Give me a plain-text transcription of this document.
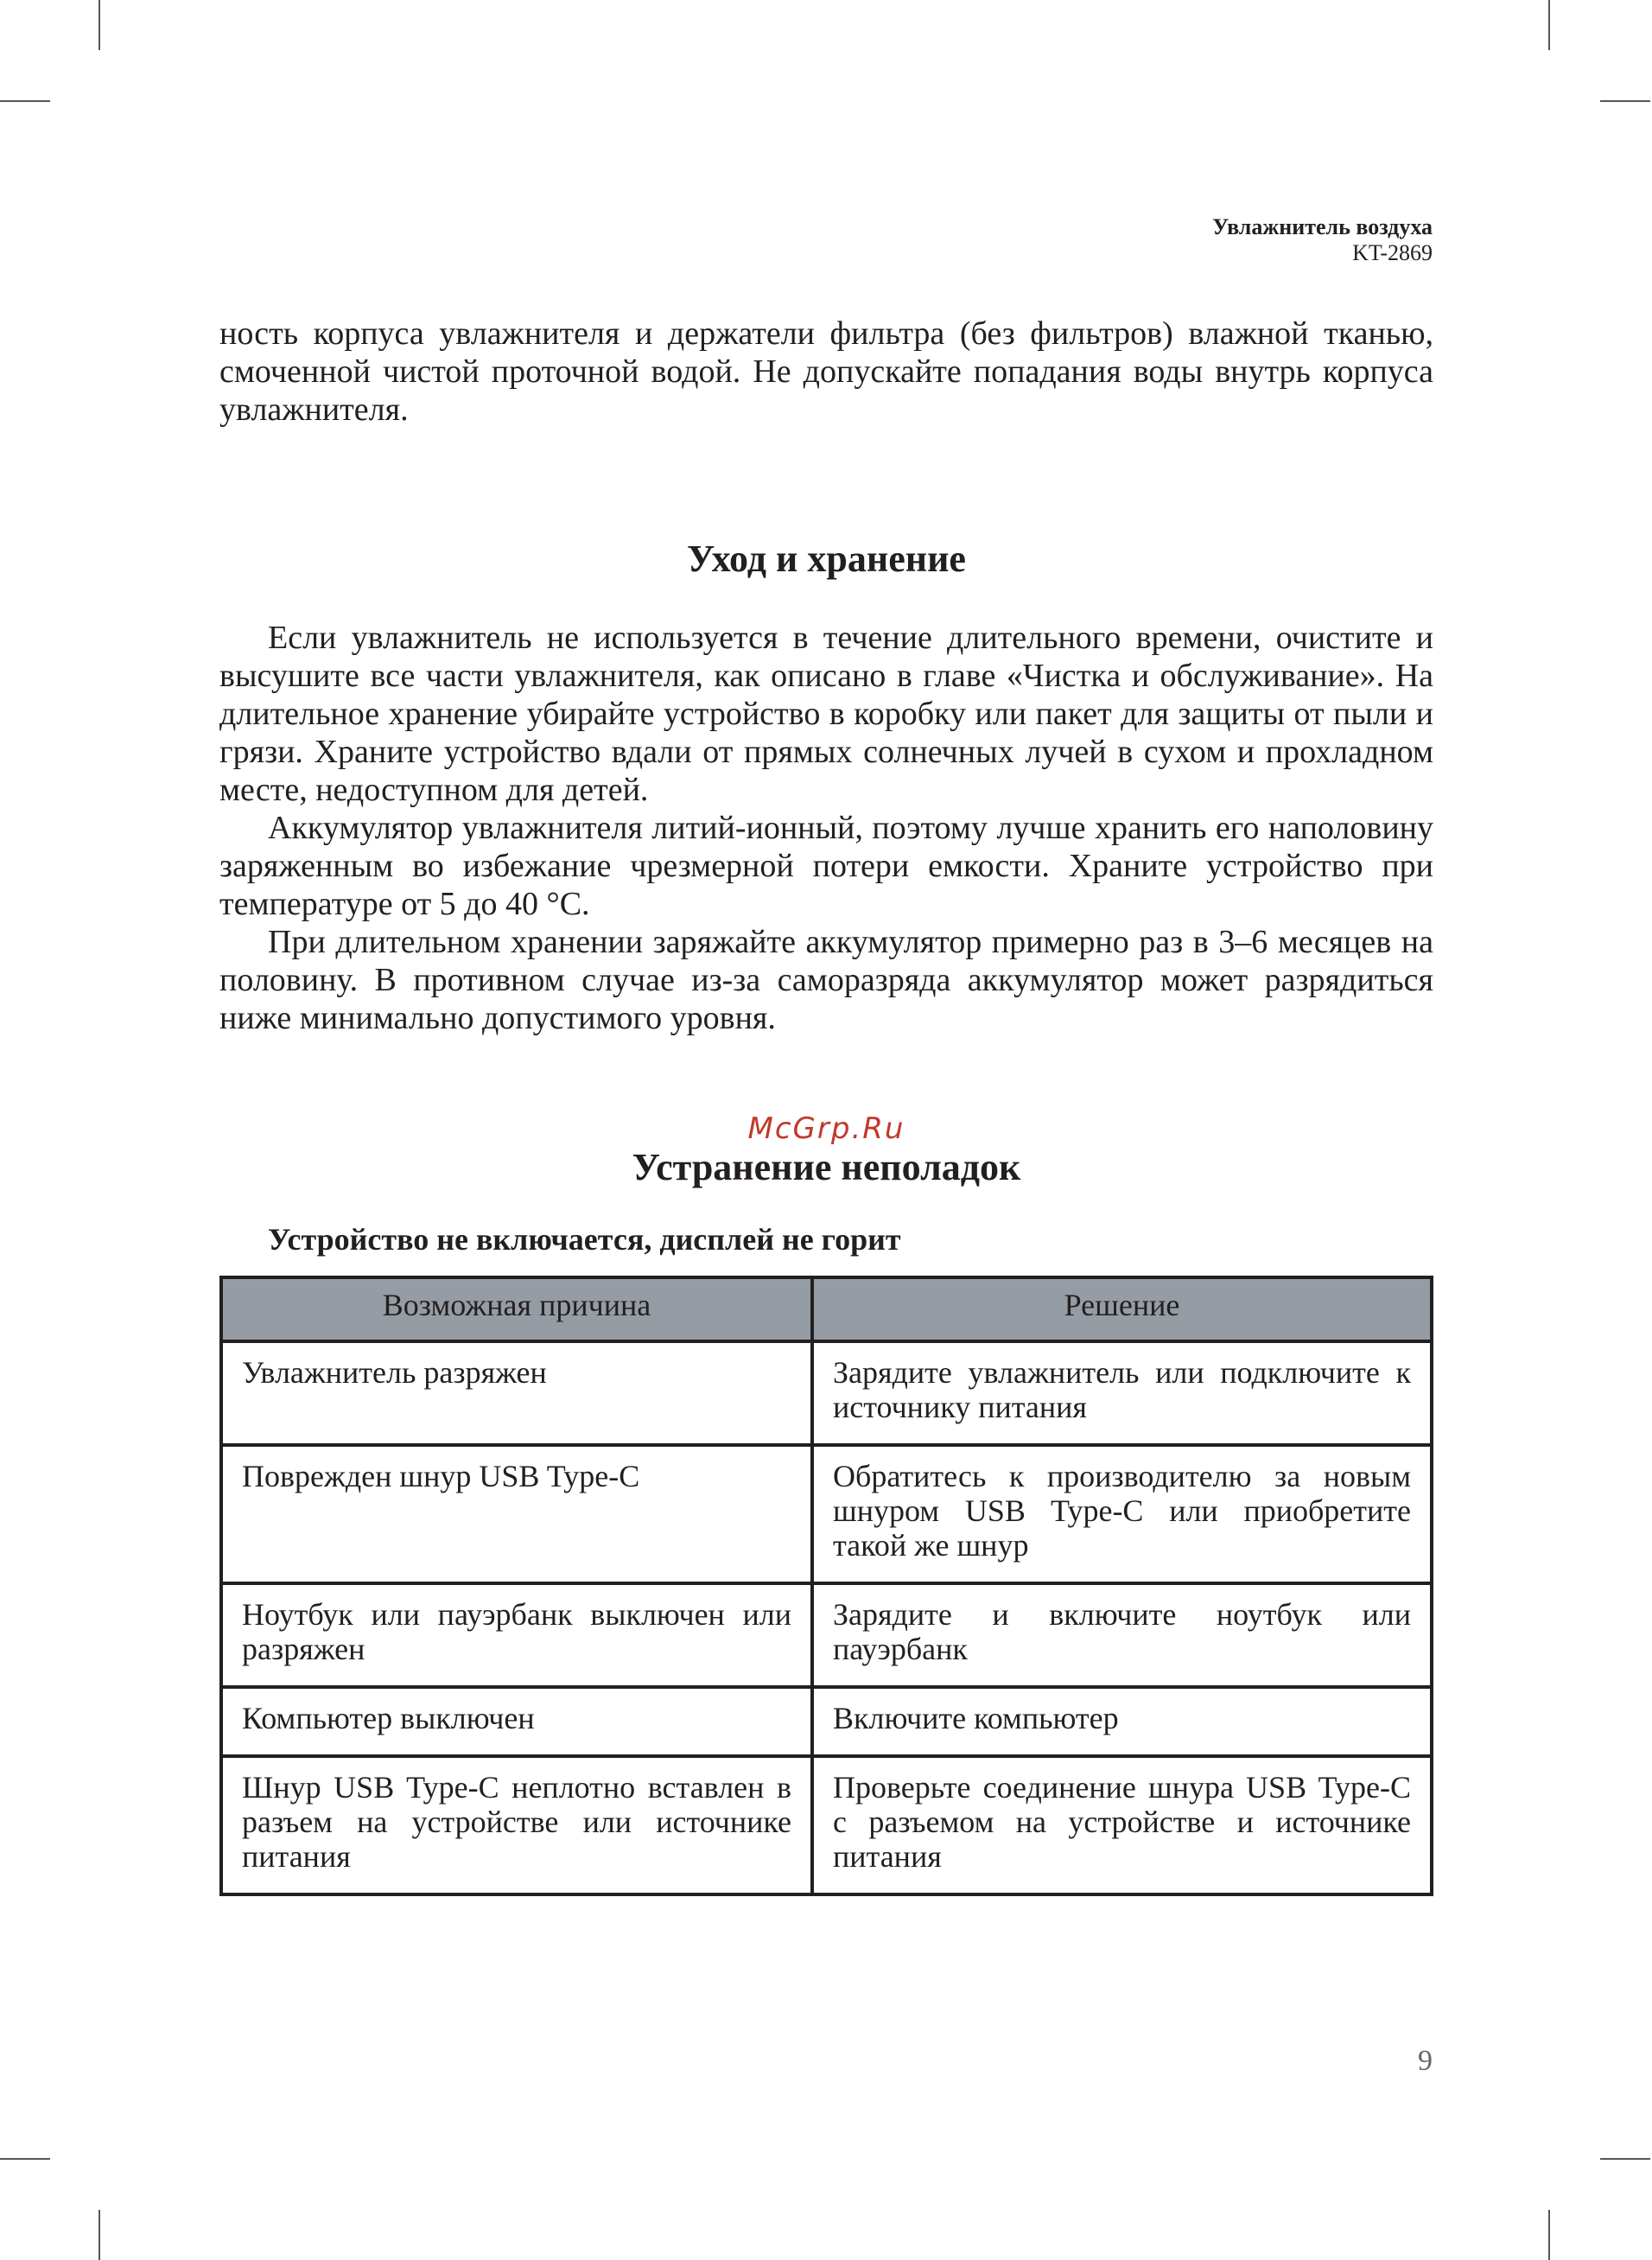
Увлажнитель воздуха
KT-2869

ность корпуса увлажнителя и держатели фильтра (без фильтров) влажной тканью, смоченной чистой проточной водой. Не допускайте попадания воды внутрь корпуса увлажнителя.

Уход и хранение

Если увлажнитель не используется в течение длительного времени, очистите и высушите все части увлажнителя, как описано в главе «Чистка и обслуживание». На длительное хранение убирайте устройство в коробку или пакет для защиты от пыли и грязи. Храните устройство вдали от прямых солнечных лучей в сухом и прохладном месте, недоступном для детей.

Аккумулятор увлажнителя литий-ионный, поэтому лучше хранить его наполовину заряженным во избежание чрезмерной потери емкости. Храните устройство при температуре от 5 до 40 °С.

При длительном хранении заряжайте аккумулятор примерно раз в 3–6 месяцев на половину. В противном случае из-за саморазряда аккумулятор может разрядиться ниже минимально допустимого уровня.

McGrp.Ru
Устранение неполадок
Устройство не включается, дисплей не горит
Возможная причина	Решение
Увлажнитель разряжен	Зарядите увлажнитель или подключите к источнику питания
Поврежден шнур USB Type-C	Обратитесь к производителю за новым шнуром USB Type-C или приобретите такой же шнур
Ноутбук или пауэрбанк выключен или разряжен	Зарядите и включите ноутбук или пауэрбанк
Компьютер выключен	Включите компьютер
Шнур USB Type-C неплотно вставлен в разъем на устройстве или источнике питания	Проверьте соединение шнура USB Type-C с разъемом на устройстве и источнике питания
9
